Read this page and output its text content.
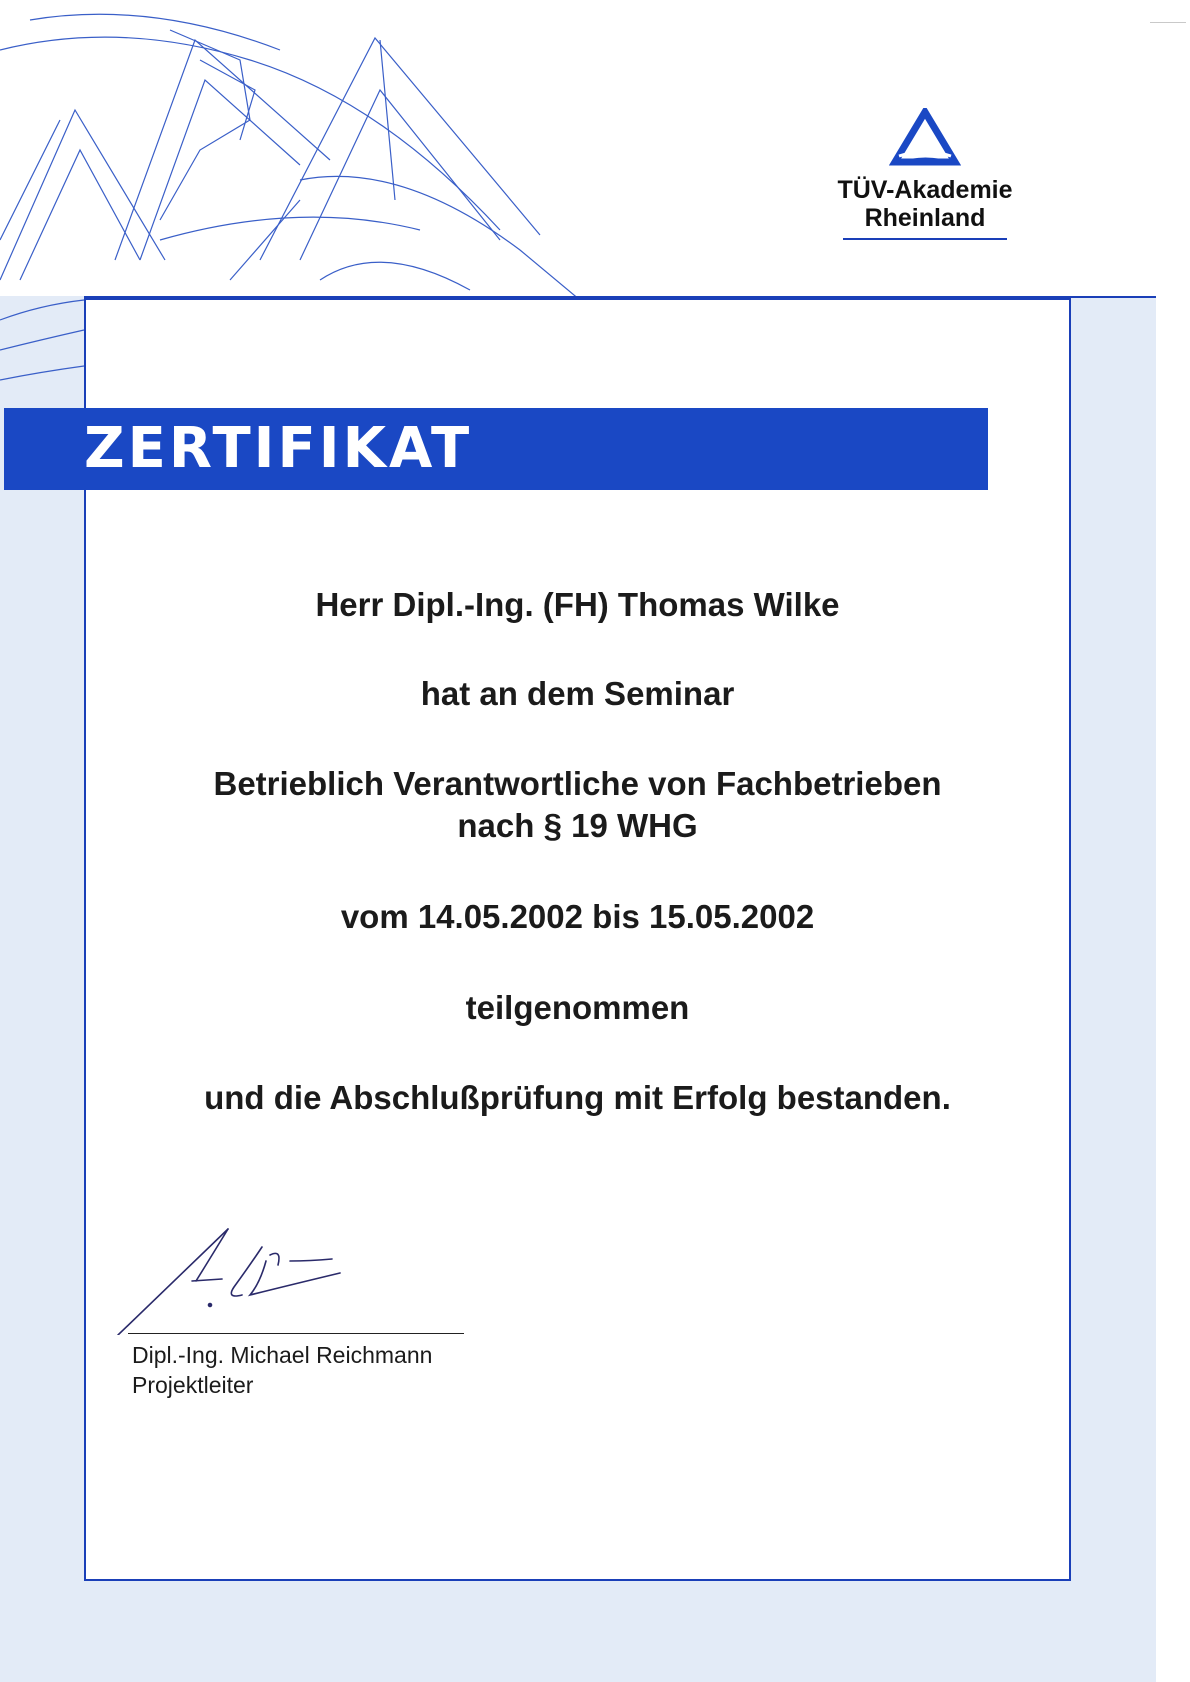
TÜV-Akademie
Rheinland
ZERTIFIKAT
Herr Dipl.-Ing. (FH) Thomas Wilke
hat an dem Seminar
Betrieblich Verantwortliche von Fachbetrieben
nach § 19 WHG
vom 14.05.2002 bis 15.05.2002
teilgenommen
und die Abschlußprüfung mit Erfolg bestanden.
Dipl.-Ing. Michael Reichmann
Projektleiter
